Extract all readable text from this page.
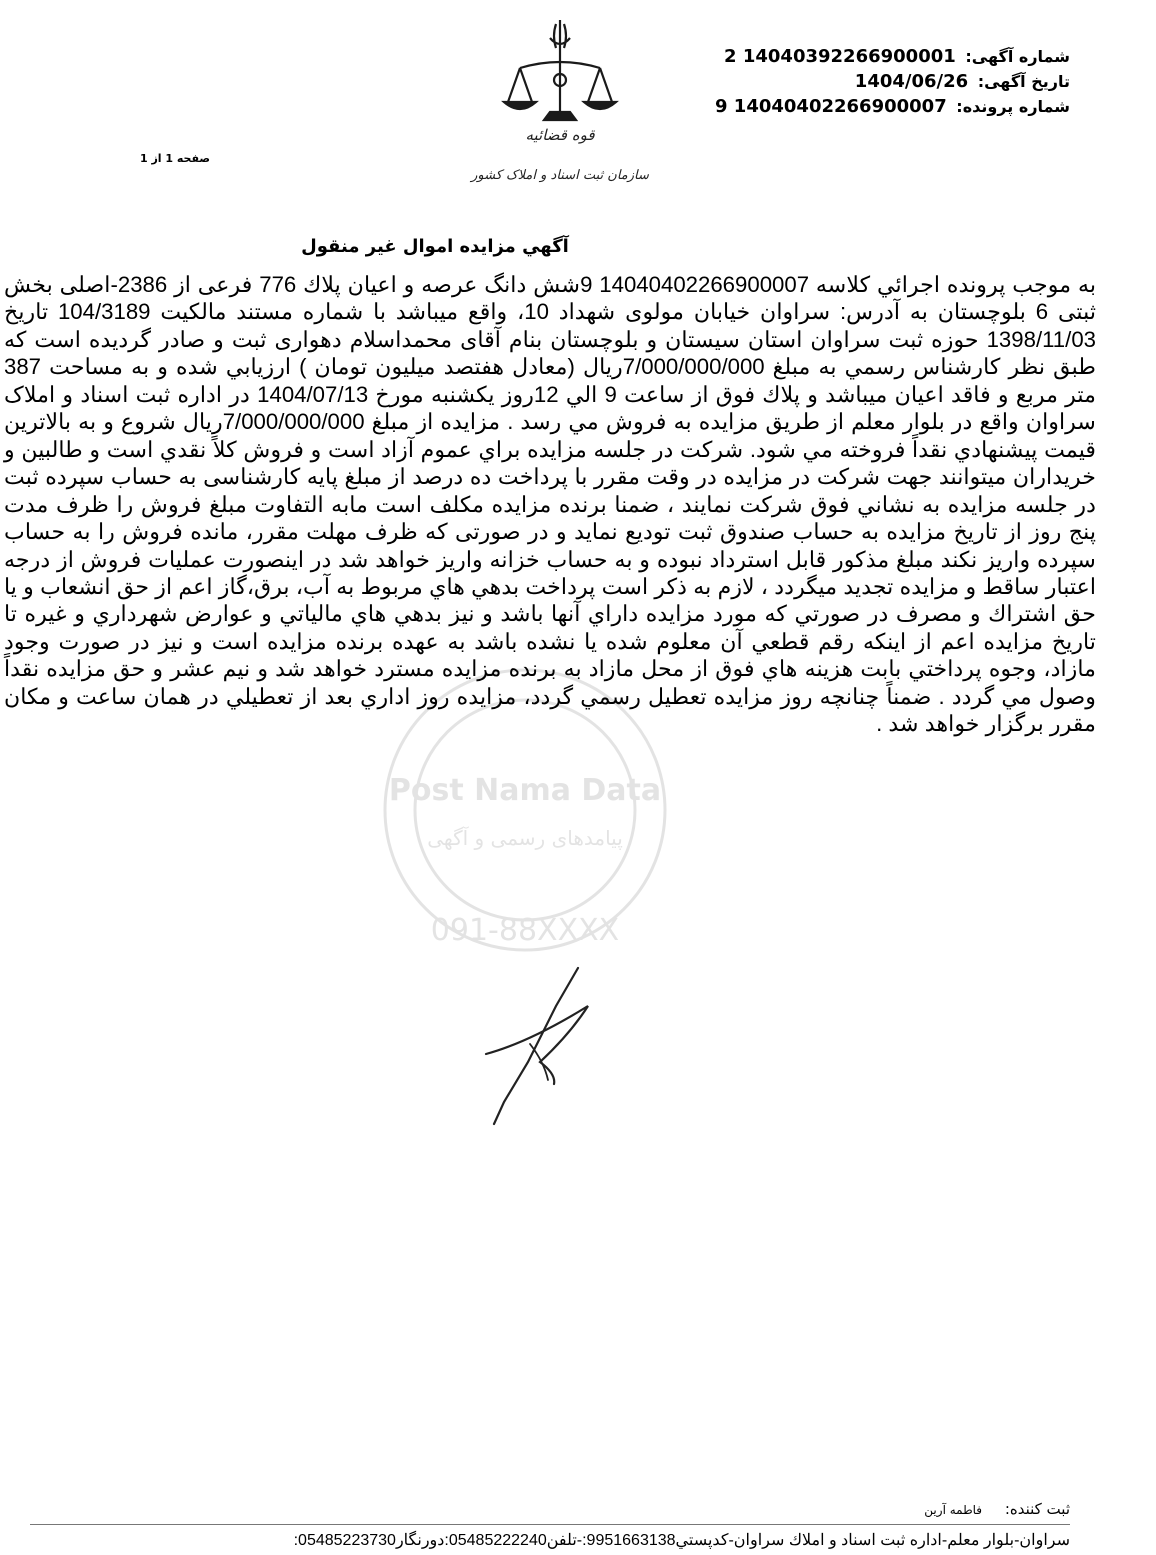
شماره آگهی: 14040392266900001 2
تاریخ آگهی: 1404/06/26
شماره پرونده: 14040402266900007 9
صفحه 1 از 1
قوه قضائيه
سازمان ثبت اسناد و املاک کشور
آگهي مزايده اموال غير منقول
Post Nama Data
پیامدهای رسمی و آگهی
091-88XXXX
به موجب پرونده اجرائي كلاسه 14040402266900007 9شش دانگ عرصه و اعيان پلاك 776 فرعی از 2386-اصلی بخش ثبتی 6 بلوچستان به آدرس: سراوان خیابان مولوی شهداد 10، واقع میباشد با شماره مستند مالكيت 104/3189 تاريخ 1398/11/03 حوزه ثبت سراوان استان سيستان و بلوچستان بنام آقای محمداسلام دهواری ثبت و صادر گرديده است كه طبق نظر كارشناس رسمي به مبلغ 7/000/000/000ريال (معادل هفتصد ميليون تومان ) ارزيابي شده و به مساحت 387 متر مربع و فاقد اعيان ميباشد و پلاك فوق از ساعت 9 الي 12روز يكشنبه مورخ 1404/07/13 در اداره ثبت اسناد و املاک سراوان واقع در بلوار معلم از طريق مزايده به فروش مي رسد . مزايده از مبلغ 7/000/000/000ريال شروع و به بالاترين قيمت پيشنهادي نقداً فروخته مي شود. شركت در جلسه مزايده براي عموم آزاد است و فروش كلاً نقدي است و طالبين و خريداران ميتوانند جهت شركت در مزايده در وقت مقرر با پرداخت ده درصد از مبلغ پايه كارشناسی به حساب سپرده ثبت در جلسه مزايده به نشاني فوق شركت نمايند ، ضمنا برنده مزايده مكلف است مابه التفاوت مبلغ فروش را ظرف مدت پنج روز از تاريخ مزايده به حساب صندوق ثبت توديع نمايد و در صورتی كه ظرف مهلت مقرر، مانده فروش را به حساب سپرده واريز نكند مبلغ مذكور قابل استرداد نبوده و به حساب خزانه واريز خواهد شد در اينصورت عمليات فروش از درجه اعتبار ساقط و مزايده تجديد ميگردد ، لازم به ذكر است پرداخت بدهي هاي مربوط به آب، برق،گاز اعم از حق انشعاب و يا حق اشتراك و مصرف در صورتي كه مورد مزايده داراي آنها باشد و نيز بدهي هاي مالياتي و عوارض شهرداري و غيره تا تاريخ مزايده اعم از اينكه رقم قطعي آن معلوم شده يا نشده باشد به عهده برنده مزايده است و نيز در صورت وجود مازاد، وجوه پرداختي بابت هزينه هاي فوق از محل مازاد به برنده مزايده مسترد خواهد شد و نيم عشر و حق مزايده نقداً وصول مي گردد . ضمناً چنانچه روز مزايده تعطيل رسمي گردد، مزايده روز اداري بعد از تعطيلي در همان ساعت و مكان مقرر برگزار خواهد شد .
ثبت کننده: فاطمه آرين
سراوان-بلوار معلم-اداره ثبت اسناد و املاك سراوان-كدپستي9951663138:-تلفن05485222240:دورنگار05485223730:
